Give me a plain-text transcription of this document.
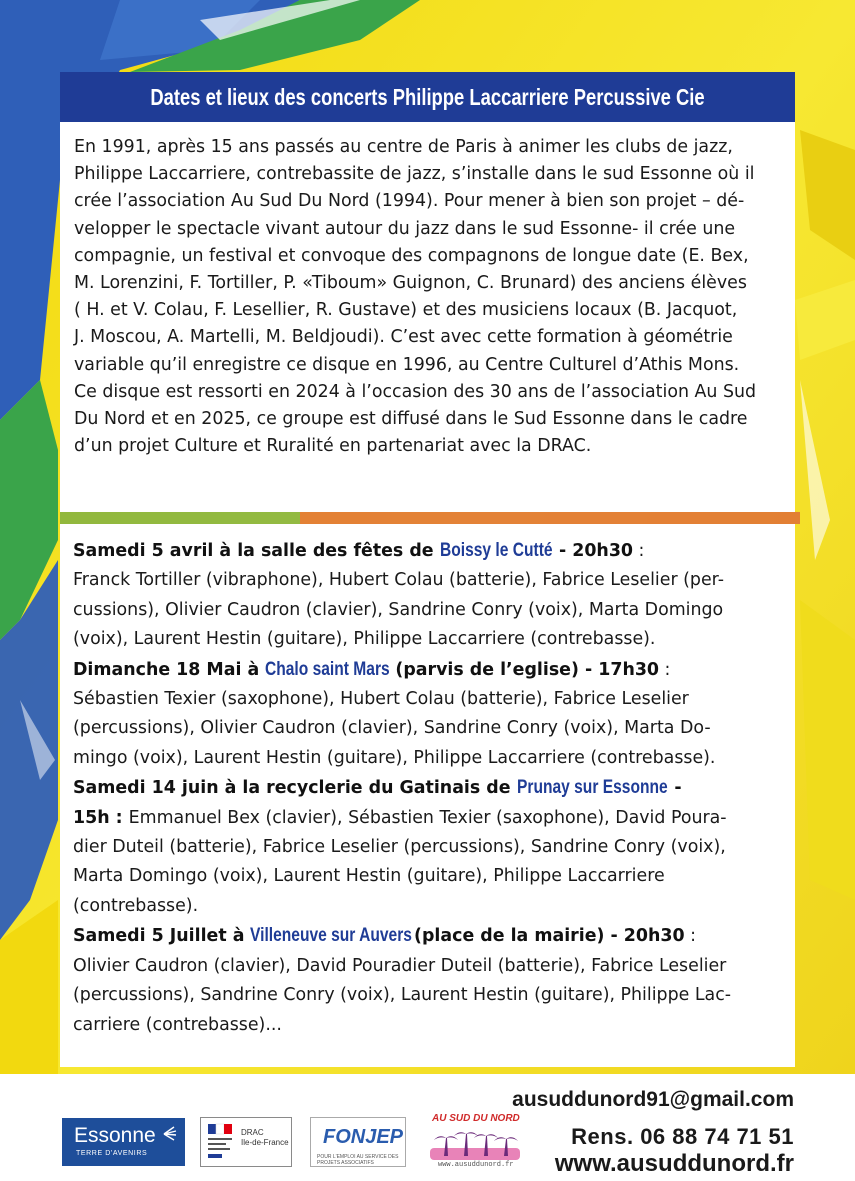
Dates et lieux des concerts Philippe Laccarriere Percussive Cie

En 1991, après 15 ans passés au centre de Paris à animer les clubs de jazz,
Philippe Laccarriere, contrebassite de jazz, s’installe dans le sud Essonne où il
crée l’association Au Sud Du Nord (1994). Pour mener à bien son projet – dé-
velopper le spectacle vivant autour du jazz dans le sud Essonne- il crée une
compagnie, un festival et convoque des compagnons de longue date (E. Bex,
M. Lorenzini, F. Tortiller, P. «Tiboum» Guignon, C. Brunard) des anciens élèves
( H. et V. Colau, F. Lesellier, R. Gustave) et des musiciens locaux (B. Jacquot,
J. Moscou, A. Martelli, M. Beldjoudi). C’est avec cette formation à géométrie
variable qu’il enregistre ce disque en 1996, au Centre Culturel d’Athis Mons.
Ce disque est ressorti en 2024 à l’occasion des 30 ans de l’association Au Sud
Du Nord et en 2025, ce groupe est diffusé dans le Sud Essonne dans le cadre
d’un projet Culture et Ruralité en partenariat avec la DRAC.

Samedi 5 avril à la salle des fêtes de Boissy le Cutté - 20h30 :
Franck Tortiller (vibraphone), Hubert Colau (batterie), Fabrice Leselier (per-
cussions), Olivier Caudron (clavier), Sandrine Conry (voix), Marta Domingo
(voix), Laurent Hestin (guitare), Philippe Laccarriere (contrebasse).
Dimanche 18 Mai à Chalo saint Mars (parvis de l’eglise) - 17h30 :
Sébastien Texier (saxophone), Hubert Colau (batterie), Fabrice Leselier
(percussions), Olivier Caudron (clavier), Sandrine Conry (voix), Marta Do-
mingo (voix), Laurent Hestin (guitare), Philippe Laccarriere (contrebasse).
Samedi 14 juin à la recyclerie du Gatinais de Prunay sur Essonne -
15h : Emmanuel Bex (clavier), Sébastien Texier (saxophone), David Poura-
dier Duteil (batterie), Fabrice Leselier (percussions), Sandrine Conry (voix),
Marta Domingo (voix), Laurent Hestin (guitare), Philippe Laccarriere
(contrebasse).
Samedi 5 Juillet à Villeneuve sur Auvers (place de la mairie) - 20h30 :
Olivier Caudron (clavier), David Pouradier Duteil (batterie), Fabrice Leselier
(percussions), Sandrine Conry (voix), Laurent Hestin (guitare), Philippe Lac-
carriere (contrebasse)...
Essonne
TERRE D'AVENIRS
DRAC
Ile-de-France FONJEP
POUR L'EMPLOI AU SERVICE DES PROJETS ASSOCIATIFS
AU SUD DU NORD
www.ausuddunord.fr
ausuddunord91@gmail.com
Rens. 06 88 74 71 51
www.ausuddunord.fr
